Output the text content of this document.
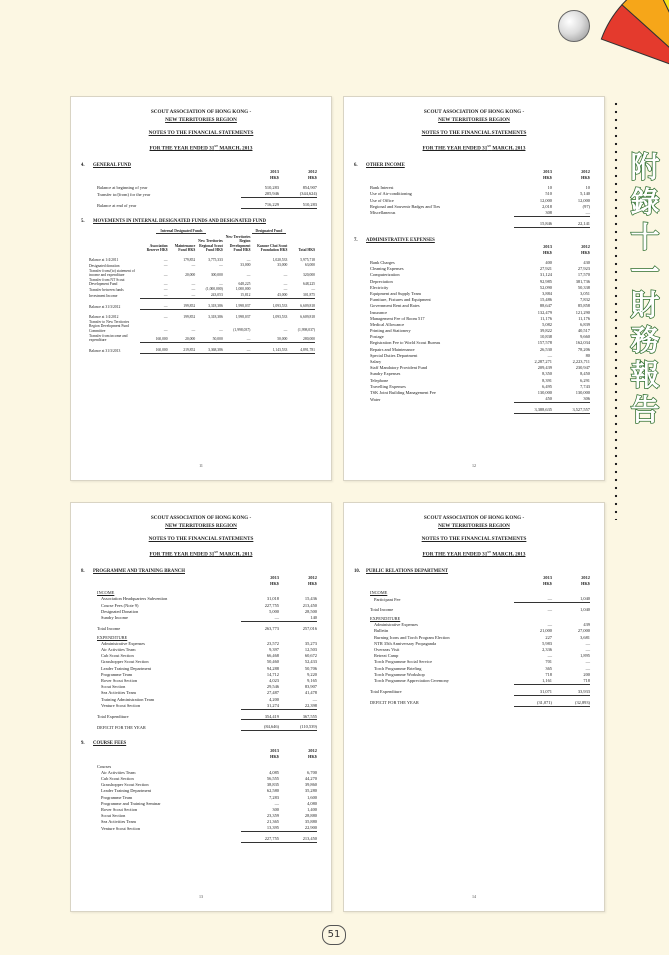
附錄十一
財務報告
SCOUT ASSOCIATION OF HONG KONG -
NEW TERRITORIES REGION
NOTES TO THE FINANCIAL STATEMENTS
FOR THE YEAR ENDED 31ST MARCH, 2013
4. GENERAL FUND
	2013	2012
	HK$	HK$
Balance at beginning of year	510,283	854,907
Transfer to/(from) for the year	205,946	(344,624)
Balance at end of year	716,229	510,283
5. MOVEMENTS IN INTERNAL DESIGNATED FUNDS AND DESIGNATED FUND
	Internal Designated Funds				Designated Fund	
	Association Reserve HK$	Maintenance Fund HK$	New Territories Regional Scout Fund HK$	New Territories Region Development Fund HK$	Kanoor Choi Scout Foundation HK$	Total HK$
Balance at 1/4/2011	—	179,852	3,775,333	—	1,020,533	5,975,718
Designated donation	—	—	—	33,000	33,000	63,000
Transfer from/(to) statement of income and expenditure	—	20,000	300,000	—	—	320,000
Transfer from NT Scout Development Fund	—	—	—	648,225	—	648,225
Transfer between funds	—	—	(1,000,000)	1,000,000	—	—
Investment Income	—	—	243,053	15,812	43,000	301,875
Balance at 31/3/2012	—	199,852	3,318,386	1,998,037	1,093,533	6,609,818
Balance at 1/4/2012	—	199,852	3,318,386	1,998,037	1,093,533	6,609,818
Transfer to New Territories Region Development Fund Committee	—	—	—	(1,998,037)	—	(1,998,037)
Transfer from income and expenditure	160,000	20,000	50,000	—	50,000	280,000
Balance at 31/3/2013	160,000	219,852	3,368,386	—	1,143,533	4,891,781
11
SCOUT ASSOCIATION OF HONG KONG -
NEW TERRITORIES REGION
NOTES TO THE FINANCIAL STATEMENTS
FOR THE YEAR ENDED 31ST MARCH, 2013
6. OTHER INCOME
	2013	2012
	HK$	HK$
Bank Interest	10	10
Use of Air-conditioning	510	5,140
Use of Office	12,000	12,000
Regional and Souvenir Badges and Ties	2,018	(97)
Miscellaneous	308	—
	15,846	22,141
7. ADMINISTRATIVE EXPENSES
	2013	2012
	HK$	HK$
Bank Charges	400	430
Cleaning Expenses	27,921	27,923
Computerization	31,124	17,570
Depreciation	92,985	381,736
Electricity	52,090	50,338
Equipment and Supply Team	3,884	3,051
Furniture, Fixtures and Equipment	15,486	7,832
Government Rent and Rates	88,647	85,858
Insurance	132,479	121,290
Management Fee of Room 517	11,176	11,176
Medical Allowance	5,082	6,839
Printing and Stationery	39,822	40,517
Postage	10,838	9,660
Registration Fee to World Scout Bureau	157,578	162,034
Repairs and Maintenance	26,530	78,206
Special Duties Department	—	80
Salary	2,287,271	2,223,711
Staff Mandatory Provident Fund	209,439	230,947
Sundry Expenses	8,350	8,450
Telephone	8,391	6,291
Travelling Expenses	6,495	7,743
TSK Joint Building Management Fee	130,000	130,000
Water	450	306
	3,388,635	3,527,557
12
SCOUT ASSOCIATION OF HONG KONG -
NEW TERRITORIES REGION
NOTES TO THE FINANCIAL STATEMENTS
FOR THE YEAR ENDED 31ST MARCH, 2013
8. PROGRAMME AND TRAINING BRANCH
	2013	2012
	HK$	HK$
INCOME		
Association Headquarters Subvention	31,018	15,436
Course Fees (Note 9)	227,755	213,450
Designated Donation	5,000	28,500
Sundry Income	—	140
Total Income	263,773	257,016
EXPENDITURE		
Administrative Expenses	23,572	35,273
Air Activities Team	9,397	12,503
Cub Scout Section	66,468	60,672
Grasshopper Scout Section	50,460	52,433
Leader Training Department	94,288	50,706
Programme Team	14,712	9,220
Rover Scout Section	4,023	9,165
Scout Section	29,546	83,907
Sea Activities Team	27,487	41,478
Training Administration Team	4,200	—
Venture Scout Section	31,274	22,398
Total Expenditure	354,419	367,555
DEFICIT FOR THE YEAR	(84,646)	(110,539)
9. COURSE FEES
	2013	2012
	HK$	HK$
Courses		
Air Activities Team	4,085	6,700
Cub Scout Section	56,555	44,270
Grasshopper Scout Section	38,835	39,860
Leader Training Department	62,580	35,280
Programme Team	7,283	1,600
Programme and Training Seminar	—	4,080
Rover Scout Section	300	1,400
Scout Section	23,359	28,880
Sea Activities Team	21,365	35,880
Venture Scout Section	13,395	22,900
	227,755	213,450
13
SCOUT ASSOCIATION OF HONG KONG -
NEW TERRITORIES REGION
NOTES TO THE FINANCIAL STATEMENTS
FOR THE YEAR ENDED 31ST MARCH, 2013
10. PUBLIC RELATIONS DEPARTMENT
	2013	2012
	HK$	HK$
INCOME		
Participant Fee	—	1,040
Total Income	—	1,040
EXPENDITURE		
Administrative Expenses	—	439
Bulletin	21,000	27,000
Burning Icons and Torch Program Election	227	3,681
NTR 35th Anniversary Propaganda	5,983	—
Overseas Visit	2,336	—
Retreat Camp	—	1,895
Torch Programme Social Service	701	—
Torch Programme Briefing	365	—
Torch Programme Workshop	718	200
Torch Programme Appreciation Ceremony	1,161	718
Total Expenditure	31,071	33,933
DEFICIT FOR THE YEAR	(31,071)	(32,893)
14
51
